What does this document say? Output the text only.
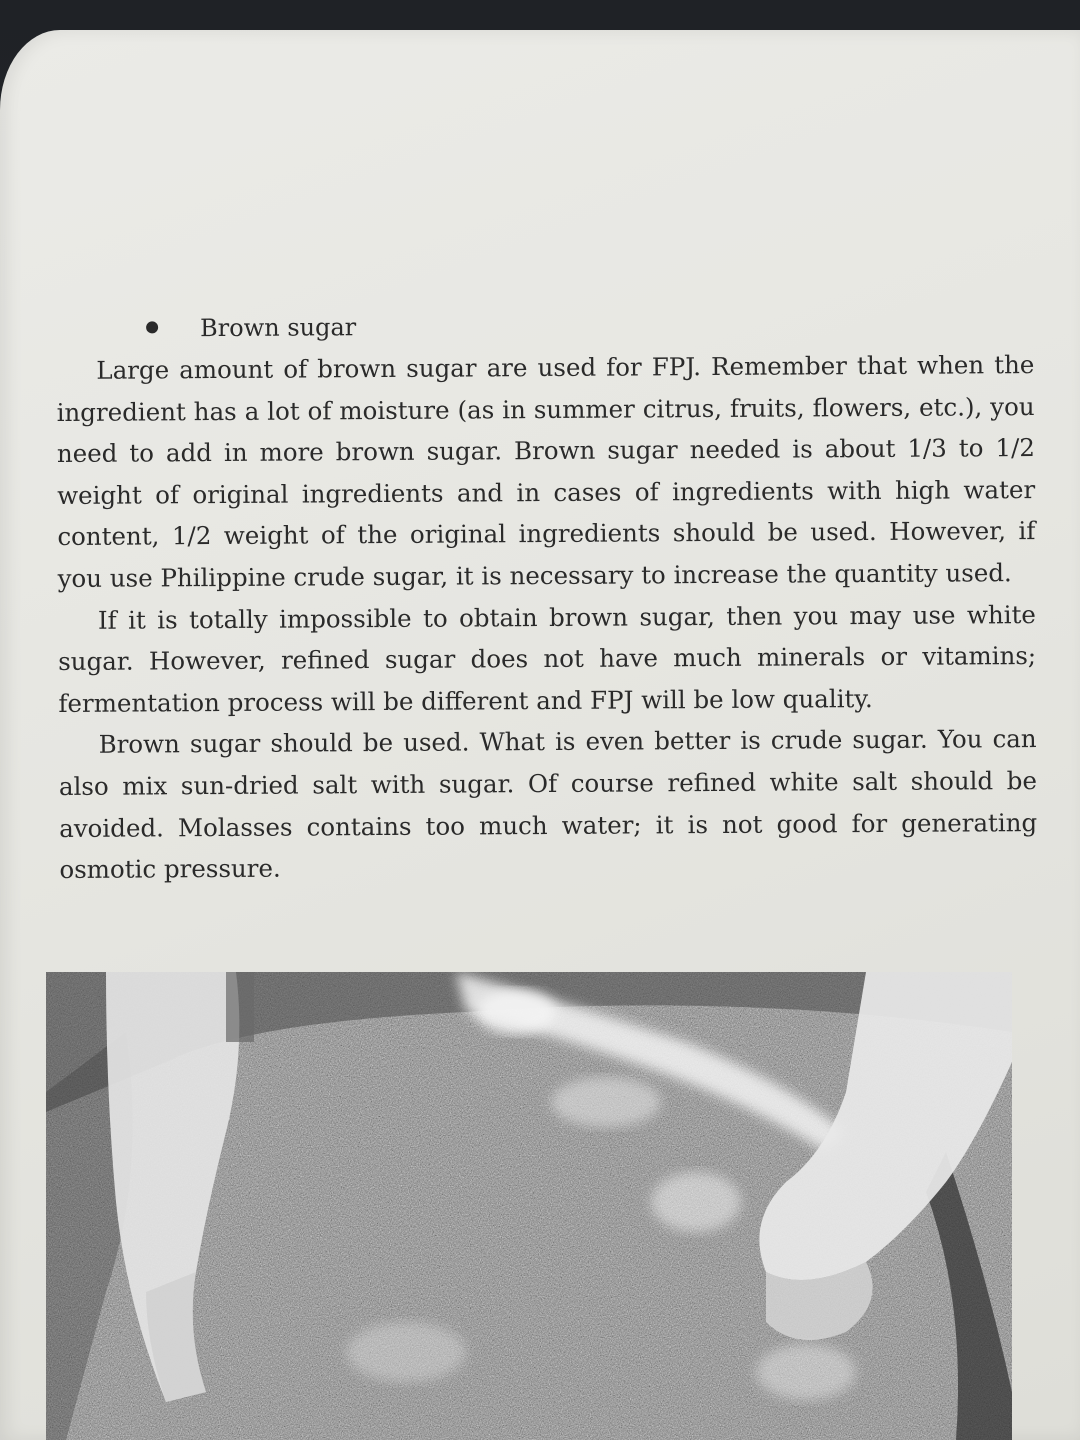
Brown sugar

Large amount of brown sugar are used for FPJ. Remember that when the ingredient has a lot of moisture (as in summer citrus, fruits, flowers, etc.), you need to add in more brown sugar. Brown sugar needed is about 1/3 to 1/2 weight of original ingredients and in cases of ingredients with high water content, 1/2 weight of the original ingredients should be used. However, if you use Philippine crude sugar, it is necessary to increase the quantity used.

If it is totally impossible to obtain brown sugar, then you may use white sugar. However, refined sugar does not have much minerals or vitamins; fermentation process will be different and FPJ will be low quality.

Brown sugar should be used. What is even better is crude sugar. You can also mix sun-dried salt with sugar. Of course refined white salt should be avoided. Molasses contains too much water; it is not good for generating osmotic pressure.
